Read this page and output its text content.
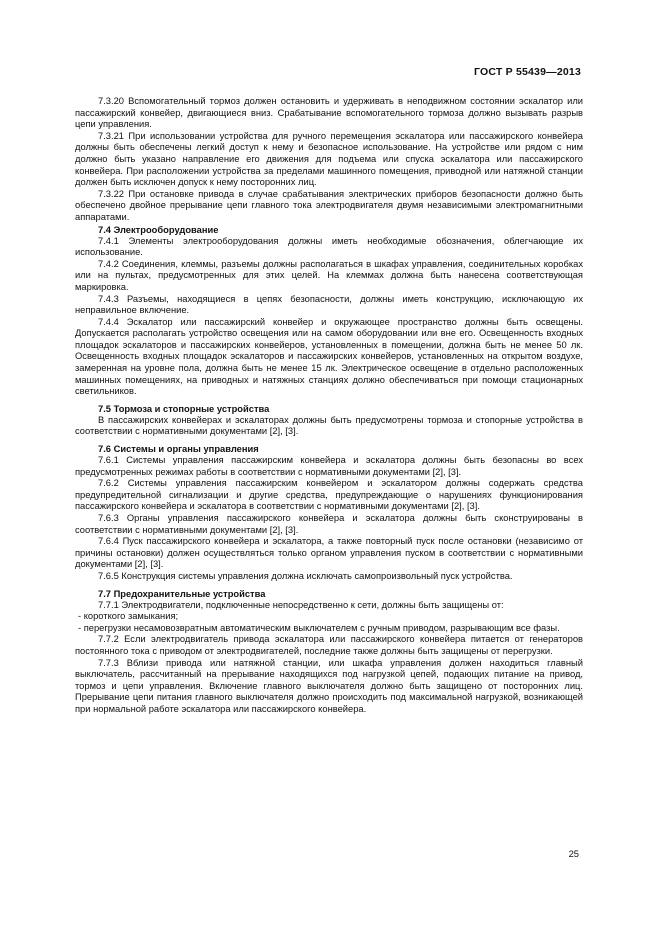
ГОСТ Р 55439—2013

7.3.20 Вспомогательный тормоз должен остановить и удерживать в неподвижном состоянии эскалатор или пассажирский конвейер, двигающиеся вниз. Срабатывание вспомогательного тормоза должно вызывать разрыв цепи управления.

7.3.21 При использовании устройства для ручного перемещения эскалатора или пассажирского конвейера должны быть обеспечены легкий доступ к нему и безопасное использование. На устройстве или рядом с ним должно быть указано направление его движения для подъема или спуска эскалатора или пассажирского конвейера. При расположении устройства за пределами машинного помещения, приводной или натяжной станции должен быть исключен допуск к нему посторонних лиц.

7.3.22 При остановке привода в случае срабатывания электрических приборов безопасности должно быть обеспечено двойное прерывание цепи главного тока электродвигателя двумя независимыми электромагнитными аппаратами.

7.4 Электрооборудование

7.4.1 Элементы электрооборудования должны иметь необходимые обозначения, облегчающие их использование.

7.4.2 Соединения, клеммы, разъемы должны располагаться в шкафах управления, соединительных коробках или на пультах, предусмотренных для этих целей. На клеммах должна быть нанесена соответствующая маркировка.

7.4.3 Разъемы, находящиеся в цепях безопасности, должны иметь конструкцию, исключающую их неправильное включение.

7.4.4 Эскалатор или пассажирский конвейер и окружающее пространство должны быть освещены. Допускается располагать устройство освещения или на самом оборудовании или вне его. Освещенность входных площадок эскалаторов и пассажирских конвейеров, установленных в помещении, должна быть не менее 50 лк. Освещенность входных площадок эскалаторов и пассажирских конвейеров, установленных на открытом воздухе, замеренная на уровне пола, должна быть не менее 15 лк. Электрическое освещение в отдельно расположенных машинных помещениях, на приводных и натяжных станциях должно обеспечиваться при помощи стационарных светильников.

7.5 Тормоза и стопорные устройства

В пассажирских конвейерах и эскалаторах должны быть предусмотрены тормоза и стопорные устройства в соответствии с нормативными документами [2], [3].

7.6 Системы и органы управления

7.6.1 Системы управления пассажирским конвейера и эскалатора должны быть безопасны во всех предусмотренных режимах работы в соответствии с нормативными документами [2], [3].

7.6.2 Системы управления пассажирским конвейером и эскалатором должны содержать средства предупредительной сигнализации и другие средства, предупреждающие о нарушениях функционирования пассажирского конвейера и эскалатора в соответствии с нормативными документами [2], [3].

7.6.3 Органы управления пассажирского конвейера и эскалатора должны быть сконструированы в соответствии с нормативными документами [2], [3].

7.6.4 Пуск пассажирского конвейера и эскалатора, а также повторный пуск после остановки (независимо от причины остановки) должен осуществляться только органом управления пуском в соответствии с нормативными документами [2], [3].

7.6.5 Конструкция системы управления должна исключать самопроизвольный пуск устройства.

7.7 Предохранительные устройства

7.7.1 Электродвигатели, подключенные непосредственно к сети, должны быть защищены от:

- короткого замыкания;

- перегрузки несамовозвратным автоматическим выключателем с ручным приводом, разрывающим все фазы.

7.7.2 Если электродвигатель привода эскалатора или пассажирского конвейера питается от генераторов постоянного тока с приводом от электродвигателей, последние также должны быть защищены от перегрузки.

7.7.3 Вблизи привода или натяжной станции, или шкафа управления должен находиться главный выключатель, рассчитанный на прерывание находящихся под нагрузкой цепей, подающих питание на привод, тормоз и цепи управления. Включение главного выключателя должно быть защищено от посторонних лиц. Прерывание цепи питания главного выключателя должно происходить под максимальной нагрузкой, возникающей при нормальной работе эскалатора или пассажирского конвейера.

25
